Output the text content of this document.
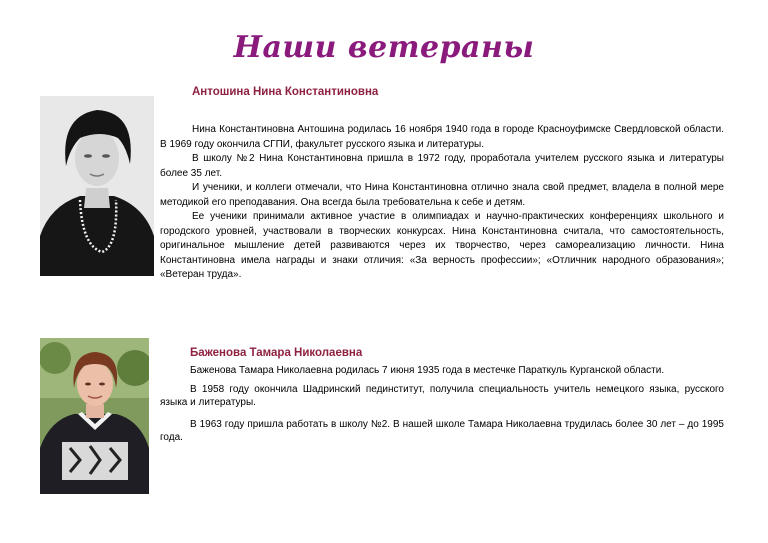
Наши ветераны
Антошина Нина Константиновна

Нина Константиновна Антошина родилась 16 ноября 1940 года в городе Красноуфимске Свердловской области. В 1969 году окончила СГПИ, факультет русского языка и литературы.

В школу №2 Нина Константиновна пришла в 1972 году, проработала учителем русского языка и литературы более 35 лет.

И ученики, и коллеги отмечали, что Нина Константиновна отлично знала свой предмет, владела в полной мере методикой его преподавания. Она всегда была требовательна к себе и детям.

Ее ученики принимали активное участие в олимпиадах и научно-практических конференциях школьного и городского уровней, участвовали в творческих конкурсах. Нина Константиновна считала, что самостоятельность, оригинальное мышление детей развиваются через их творчество, через самореализацию личности. Нина Константиновна имела награды и знаки отличия: «За верность профессии»; «Отличник народного образования»; «Ветеран труда».

Баженова Тамара Николаевна

Баженова Тамара Николаевна родилась 7 июня 1935 года в местечке Параткуль Курганской области.

В 1958 году окончила Шадринский пединститут, получила специальность учитель немецкого языка, русского языка и литературы.

В 1963 году пришла работать в школу №2. В нашей школе Тамара Николаевна трудилась более 30 лет – до 1995 года.
